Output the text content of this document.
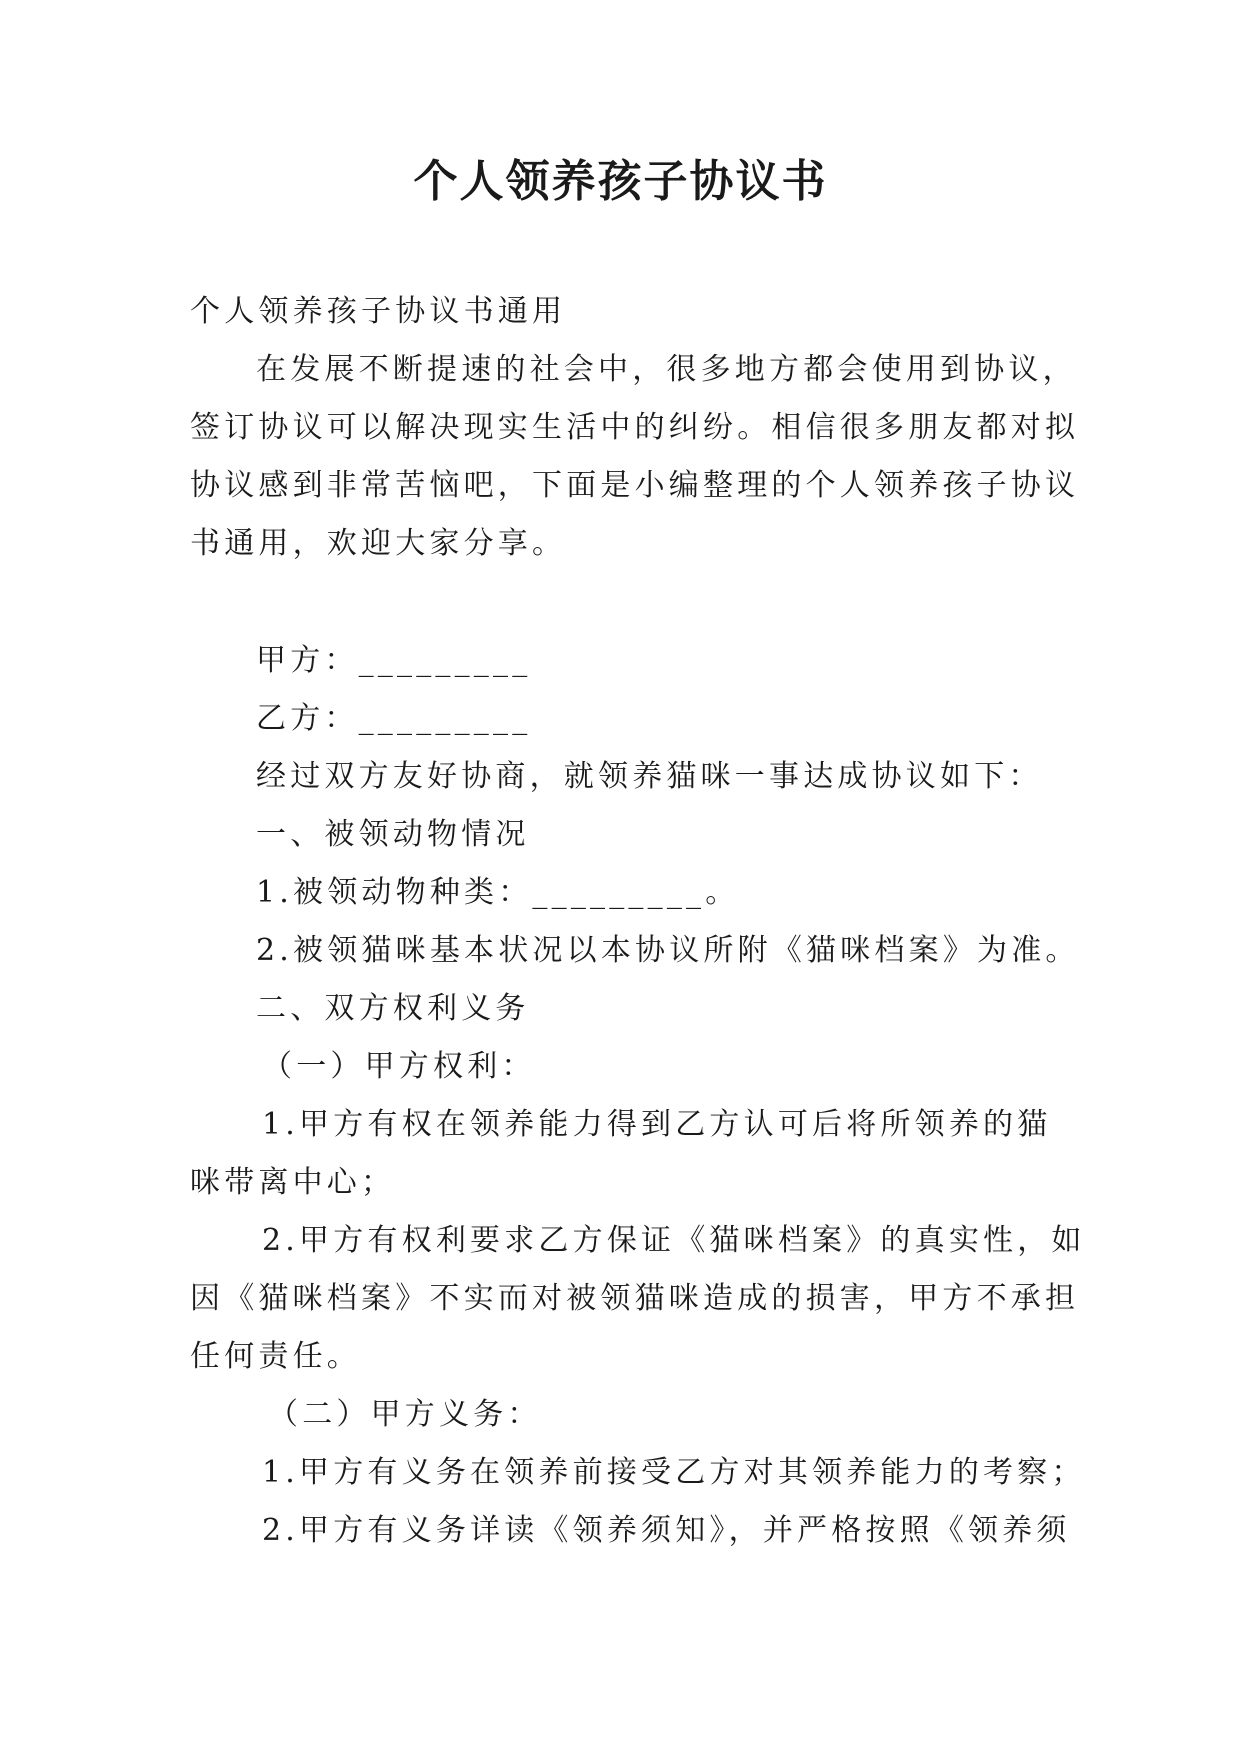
个人领养孩子协议书
个人领养孩子协议书通用
在发展不断提速的社会中，很多地方都会使用到协议，
签订协议可以解决现实生活中的纠纷。相信很多朋友都对拟
协议感到非常苦恼吧，下面是小编整理的个人领养孩子协议
书通用，欢迎大家分享。
甲方：_________
乙方：_________
经过双方友好协商，就领养猫咪一事达成协议如下：
一、被领动物情况
1.被领动物种类：_________。
2.被领猫咪基本状况以本协议所附《猫咪档案》为准。
二、双方权利义务
（一）甲方权利：
1.甲方有权在领养能力得到乙方认可后将所领养的猫
咪带离中心；
2.甲方有权利要求乙方保证《猫咪档案》的真实性，如
因《猫咪档案》不实而对被领猫咪造成的损害，甲方不承担
任何责任。
（二）甲方义务：
1.甲方有义务在领养前接受乙方对其领养能力的考察；
2.甲方有义务详读《领养须知》，并严格按照《领养须
